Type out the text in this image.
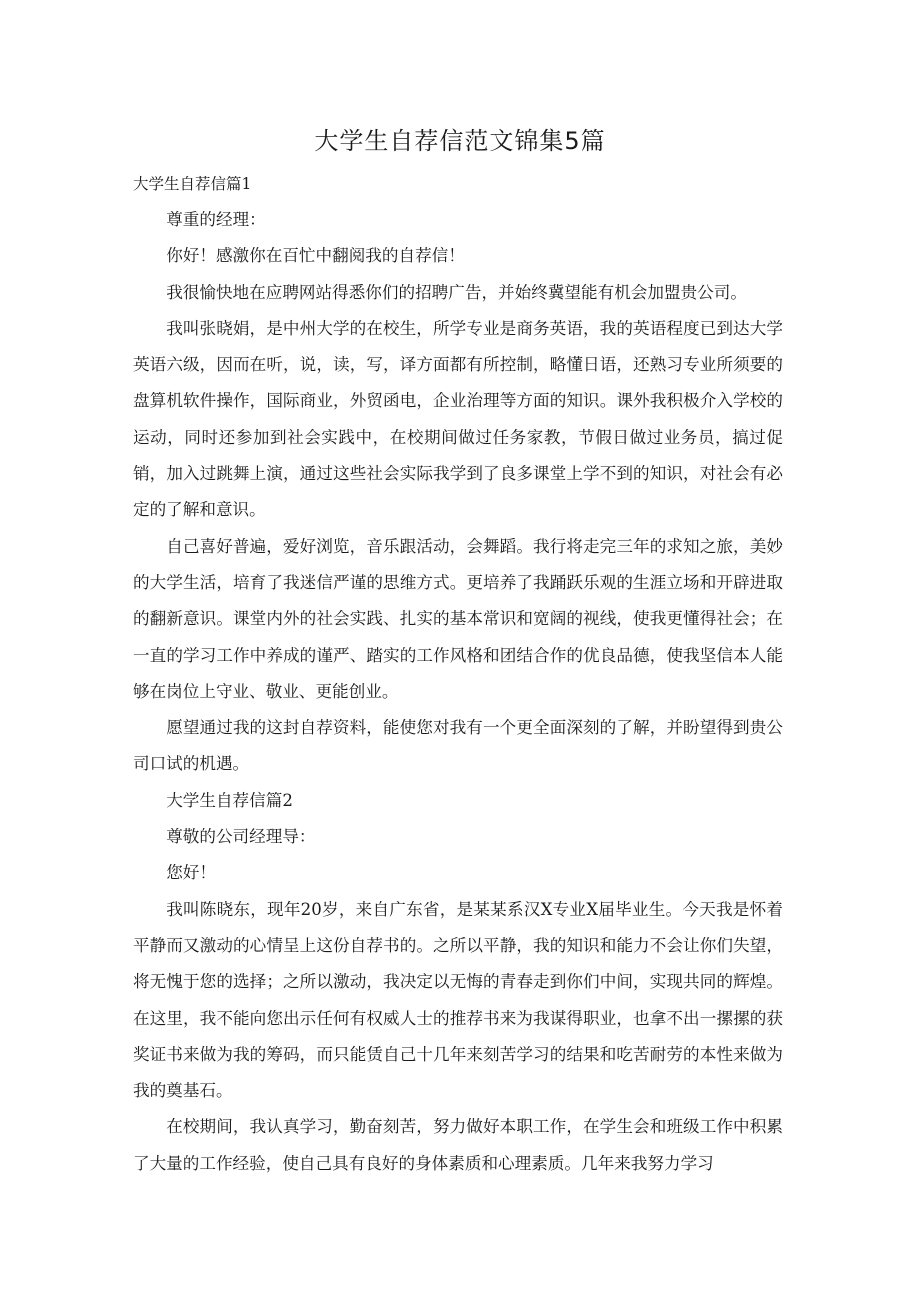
大学生自荐信范文锦集5篇

大学生自荐信篇1

尊重的经理：

你好！感激你在百忙中翻阅我的自荐信！

我很愉快地在应聘网站得悉你们的招聘广告，并始终冀望能有机会加盟贵公司。

我叫张晓娟，是中州大学的在校生，所学专业是商务英语，我的英语程度已到达大学英语六级，因而在听，说，读，写，译方面都有所控制，略懂日语，还熟习专业所须要的盘算机软件操作，国际商业，外贸函电，企业治理等方面的知识。课外我积极介入学校的运动，同时还参加到社会实践中，在校期间做过任务家教，节假日做过业务员，搞过促销，加入过跳舞上演，通过这些社会实际我学到了良多课堂上学不到的知识，对社会有必定的了解和意识。

自己喜好普遍，爱好浏览，音乐跟活动，会舞蹈。我行将走完三年的求知之旅，美妙的大学生活，培育了我迷信严谨的思维方式。更培养了我踊跃乐观的生涯立场和开辟进取的翻新意识。课堂内外的社会实践、扎实的基本常识和宽阔的视线，使我更懂得社会；在一直的学习工作中养成的谨严、踏实的工作风格和团结合作的优良品德，使我坚信本人能够在岗位上守业、敬业、更能创业。

愿望通过我的这封自荐资料，能使您对我有一个更全面深刻的了解，并盼望得到贵公司口试的机遇。

大学生自荐信篇2

尊敬的公司经理导：

您好！

我叫陈晓东，现年20岁，来自广东省，是某某系汉X专业X届毕业生。今天我是怀着平静而又激动的心情呈上这份自荐书的。之所以平静，我的知识和能力不会让你们失望，将无愧于您的选择；之所以激动，我决定以无悔的青春走到你们中间，实现共同的辉煌。在这里，我不能向您出示任何有权威人士的推荐书来为我谋得职业，也拿不出一摞摞的获奖证书来做为我的筹码，而只能赁自己十几年来刻苦学习的结果和吃苦耐劳的本性来做为我的奠基石。

在校期间，我认真学习，勤奋刻苦，努力做好本职工作，在学生会和班级工作中积累了大量的工作经验，使自己具有良好的身体素质和心理素质。几年来我努力学习
